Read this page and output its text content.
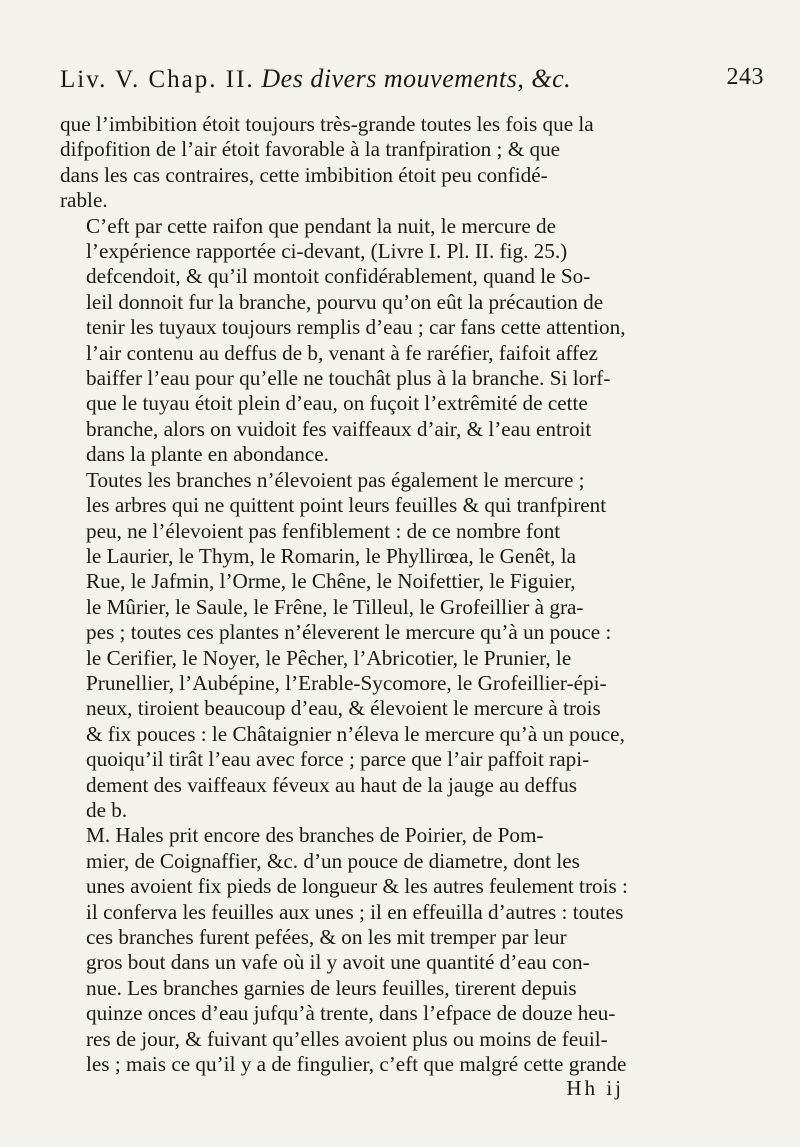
Liv. V. Chap. II. Des divers mouvements, &c.	243

que l’imbibition étoit toujours très-grande toutes les fois que la
difpofition de l’air étoit favorable à la tranfpiration ; & que
dans les cas contraires, cette imbibition étoit peu confidé-
rable.

C’eft par cette raifon que pendant la nuit, le mercure de
l’expérience rapportée ci-devant, (Livre I. Pl. II. fig. 25.)
defcendoit, & qu’il montoit confidérablement, quand le So-
leil donnoit fur la branche, pourvu qu’on eût la précaution de
tenir les tuyaux toujours remplis d’eau ; car fans cette attention,
l’air contenu au deffus de b, venant à fe raréfier, faifoit affez
baiffer l’eau pour qu’elle ne touchât plus à la branche. Si lorf-
que le tuyau étoit plein d’eau, on fuçoit l’extrêmité de cette
branche, alors on vuidoit fes vaiffeaux d’air, & l’eau entroit
dans la plante en abondance.

Toutes les branches n’élevoient pas également le mercure ;
les arbres qui ne quittent point leurs feuilles & qui tranfpirent
peu, ne l’élevoient pas fenfiblement : de ce nombre font
le Laurier, le Thym, le Romarin, le Phyllirœa, le Genêt, la
Rue, le Jafmin, l’Orme, le Chêne, le Noifettier, le Figuier,
le Mûrier, le Saule, le Frêne, le Tilleul, le Grofeillier à gra-
pes ; toutes ces plantes n’éleverent le mercure qu’à un pouce :
le Cerifier, le Noyer, le Pêcher, l’Abricotier, le Prunier, le
Prunellier, l’Aubépine, l’Erable-Sycomore, le Grofeillier-épi-
neux, tiroient beaucoup d’eau, & élevoient le mercure à trois
& fix pouces : le Châtaignier n’éleva le mercure qu’à un pouce,
quoiqu’il tirât l’eau avec force ; parce que l’air paffoit rapi-
dement des vaiffeaux féveux au haut de la jauge au deffus
de b.

M. Hales prit encore des branches de Poirier, de Pom-
mier, de Coignaffier, &c. d’un pouce de diametre, dont les
unes avoient fix pieds de longueur & les autres feulement trois :
il conferva les feuilles aux unes ; il en effeuilla d’autres : toutes
ces branches furent pefées, & on les mit tremper par leur
gros bout dans un vafe où il y avoit une quantité d’eau con-
nue. Les branches garnies de leurs feuilles, tirerent depuis
quinze onces d’eau jufqu’à trente, dans l’efpace de douze heu-
res de jour, & fuivant qu’elles avoient plus ou moins de feuil-
les ; mais ce qu’il y a de fingulier, c’eft que malgré cette grande

Hh ij
